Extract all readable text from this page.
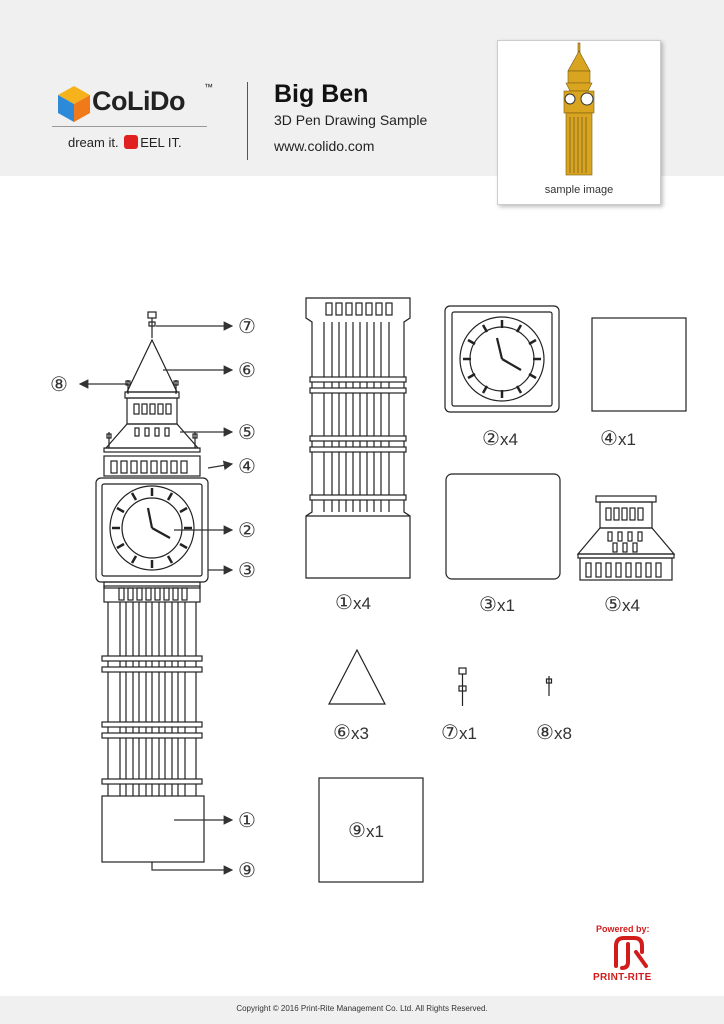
CoLiDo ™
dream it. EEL IT.
Big Ben
3D Pen Drawing Sample
www.colido.com
sample image
⑦
⑥
⑧
⑤
④
②
③
①
⑨
①x4
②x4	④x1
③x1	⑤x4
⑥x3	⑦x1	⑧x8
⑨x1
Powered by:
PRINT-RITE
Copyright © 2016 Print-Rite Management Co. Ltd. All Rights Reserved.
